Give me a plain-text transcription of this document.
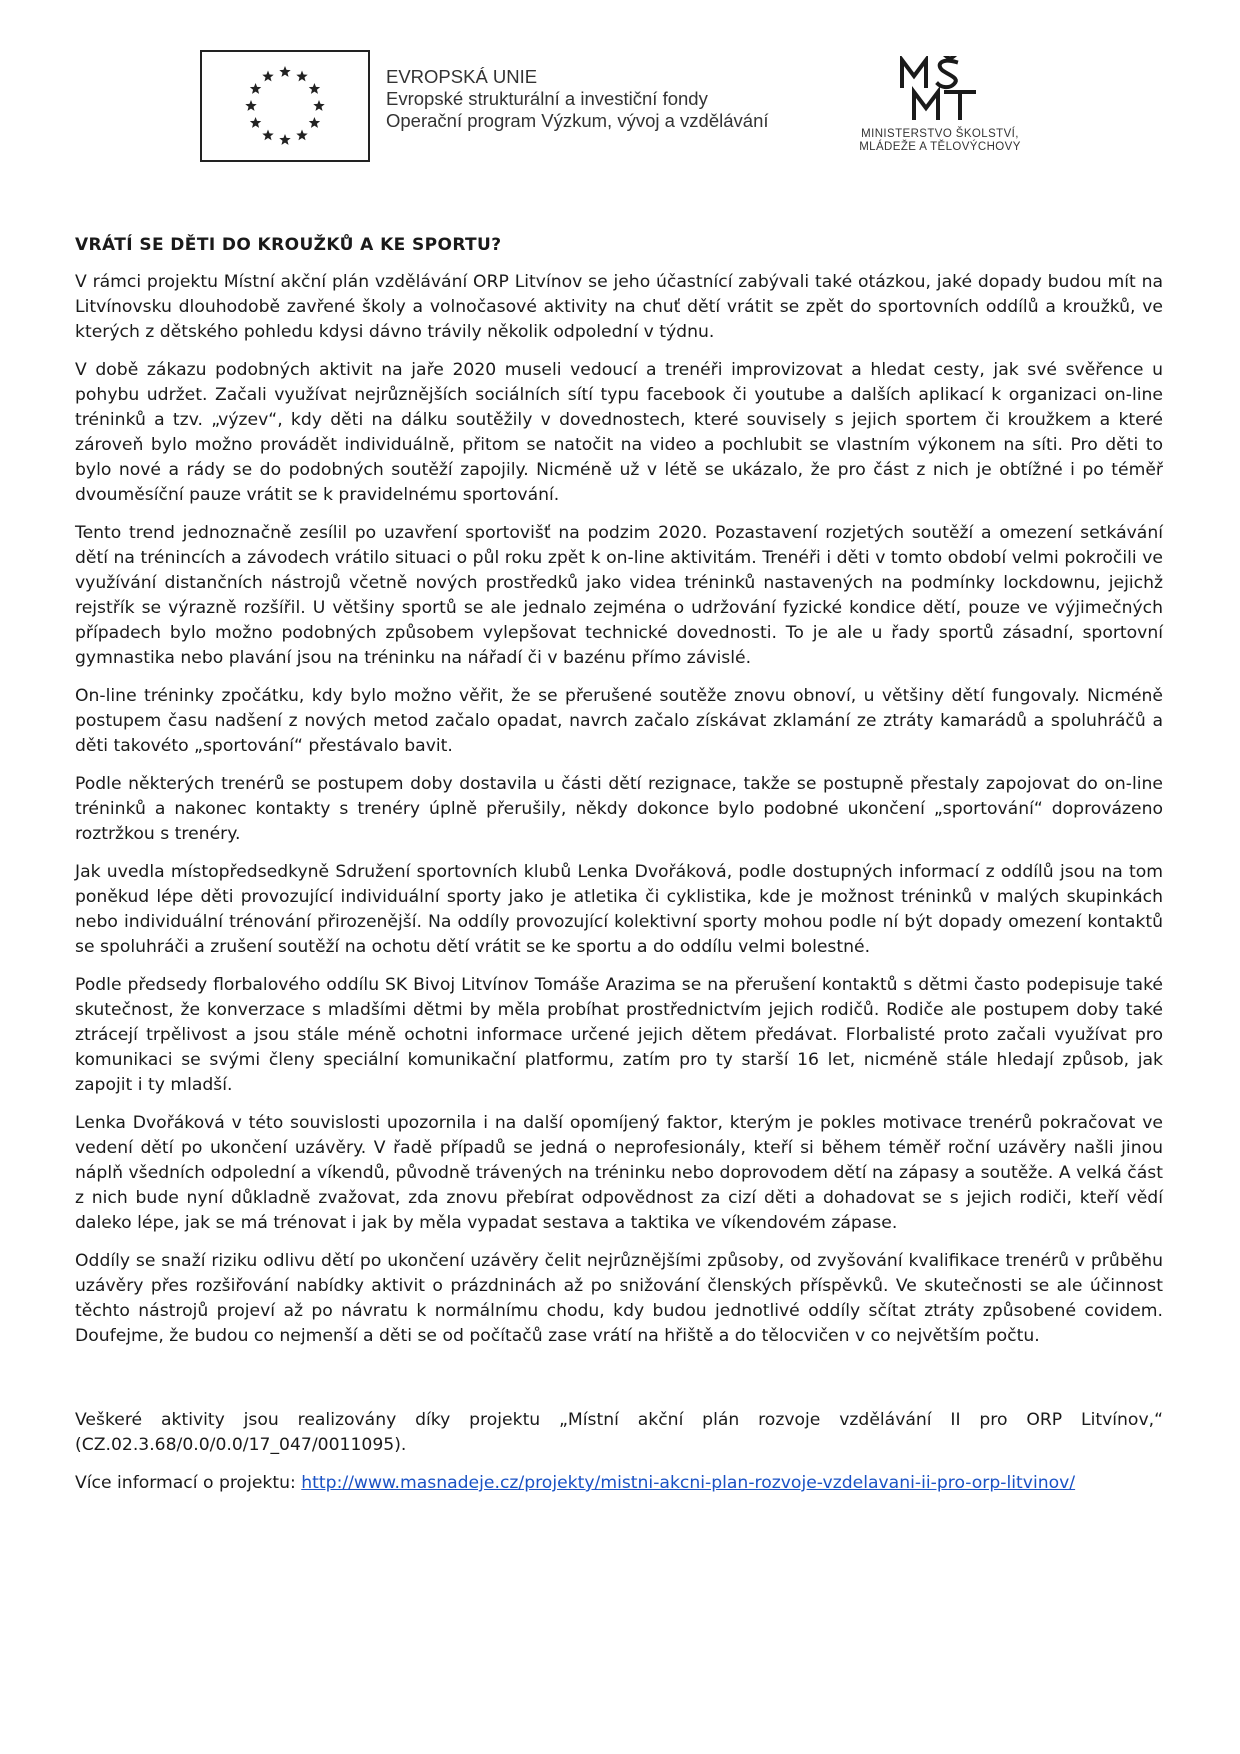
EVROPSKÁ UNIE
Evropské strukturální a investiční fondy
Operační program Výzkum, vývoj a vzdělávání
MINISTERSTVO ŠKOLSTVÍ,
MLÁDEŽE A TĚLOVÝCHOVY
VRÁTÍ SE DĚTI DO KROUŽKŮ A KE SPORTU?

V rámci projektu Místní akční plán vzdělávání ORP Litvínov se jeho účastnící zabývali také otázkou, jaké dopady budou mít na Litvínovsku dlouhodobě zavřené školy a volnočasové aktivity na chuť dětí vrátit se zpět do sportovních oddílů a kroužků, ve kterých z dětského pohledu kdysi dávno trávily několik odpolední v týdnu.

V době zákazu podobných aktivit na jaře 2020 museli vedoucí a trenéři improvizovat a hledat cesty, jak své svěřence u pohybu udržet. Začali využívat nejrůznějších sociálních sítí typu facebook či youtube a dalších aplikací k organizaci on-line tréninků a tzv. „výzev“, kdy děti na dálku soutěžily v dovednostech, které souvisely s jejich sportem či kroužkem a které zároveň bylo možno provádět individuálně, přitom se natočit na video a pochlubit se vlastním výkonem na síti. Pro děti to bylo nové a rády se do podobných soutěží zapojily. Nicméně už v létě se ukázalo, že pro část z nich je obtížné i po téměř dvouměsíční pauze vrátit se k pravidelnému sportování.

Tento trend jednoznačně zesílil po uzavření sportovišť na podzim 2020. Pozastavení rozjetých soutěží a omezení setkávání dětí na trénincích a závodech vrátilo situaci o půl roku zpět k on-line aktivitám. Trenéři i děti v tomto období velmi pokročili ve využívání distančních nástrojů včetně nových prostředků jako videa tréninků nastavených na podmínky lockdownu, jejichž rejstřík se výrazně rozšířil. U většiny sportů se ale jednalo zejména o udržování fyzické kondice dětí, pouze ve výjimečných případech bylo možno podobných způsobem vylepšovat technické dovednosti. To je ale u řady sportů zásadní, sportovní gymnastika nebo plavání jsou na tréninku na nářadí či v bazénu přímo závislé.

On-line tréninky zpočátku, kdy bylo možno věřit, že se přerušené soutěže znovu obnoví, u většiny dětí fungovaly. Nicméně postupem času nadšení z nových metod začalo opadat, navrch začalo získávat zklamání ze ztráty kamarádů a spoluhráčů a děti takovéto „sportování“ přestávalo bavit.

Podle některých trenérů se postupem doby dostavila u části dětí rezignace, takže se postupně přestaly zapojovat do on-line tréninků a nakonec kontakty s trenéry úplně přerušily, někdy dokonce bylo podobné ukončení „sportování“ doprovázeno roztržkou s trenéry.

Jak uvedla místopředsedkyně Sdružení sportovních klubů Lenka Dvořáková, podle dostupných informací z oddílů jsou na tom poněkud lépe děti provozující individuální sporty jako je atletika či cyklistika, kde je možnost tréninků v malých skupinkách nebo individuální trénování přirozenější. Na oddíly provozující kolektivní sporty mohou podle ní být dopady omezení kontaktů se spoluhráči a zrušení soutěží na ochotu dětí vrátit se ke sportu a do oddílu velmi bolestné.

Podle předsedy florbalového oddílu SK Bivoj Litvínov Tomáše Arazima se na přerušení kontaktů s dětmi často podepisuje také skutečnost, že konverzace s mladšími dětmi by měla probíhat prostřednictvím jejich rodičů. Rodiče ale postupem doby také ztrácejí trpělivost a jsou stále méně ochotni informace určené jejich dětem předávat. Florbalisté proto začali využívat pro komunikaci se svými členy speciální komunikační platformu, zatím pro ty starší 16 let, nicméně stále hledají způsob, jak zapojit i ty mladší.

Lenka Dvořáková v této souvislosti upozornila i na další opomíjený faktor, kterým je pokles motivace trenérů pokračovat ve vedení dětí po ukončení uzávěry. V řadě případů se jedná o neprofesionály, kteří si během téměř roční uzávěry našli jinou náplň všedních odpolední a víkendů, původně trávených na tréninku nebo doprovodem dětí na zápasy a soutěže. A velká část z nich bude nyní důkladně zvažovat, zda znovu přebírat odpovědnost za cizí děti a dohadovat se s jejich rodiči, kteří vědí daleko lépe, jak se má trénovat i jak by měla vypadat sestava a taktika ve víkendovém zápase.

Oddíly se snaží riziku odlivu dětí po ukončení uzávěry čelit nejrůznějšími způsoby, od zvyšování kvalifikace trenérů v průběhu uzávěry přes rozšiřování nabídky aktivit o prázdninách až po snižování členských příspěvků. Ve skutečnosti se ale účinnost těchto nástrojů projeví až po návratu k normálnímu chodu, kdy budou jednotlivé oddíly sčítat ztráty způsobené covidem. Doufejme, že budou co nejmenší a děti se od počítačů zase vrátí na hřiště a do tělocvičen v co největším počtu.

Veškeré aktivity jsou realizovány díky projektu „Místní akční plán rozvoje vzdělávání II pro ORP Litvínov,“ (CZ.02.3.68/0.0/0.0/17_047/0011095).

Více informací o projektu: http://www.masnadeje.cz/projekty/mistni-akcni-plan-rozvoje-vzdelavani-ii-pro-orp-litvinov/
